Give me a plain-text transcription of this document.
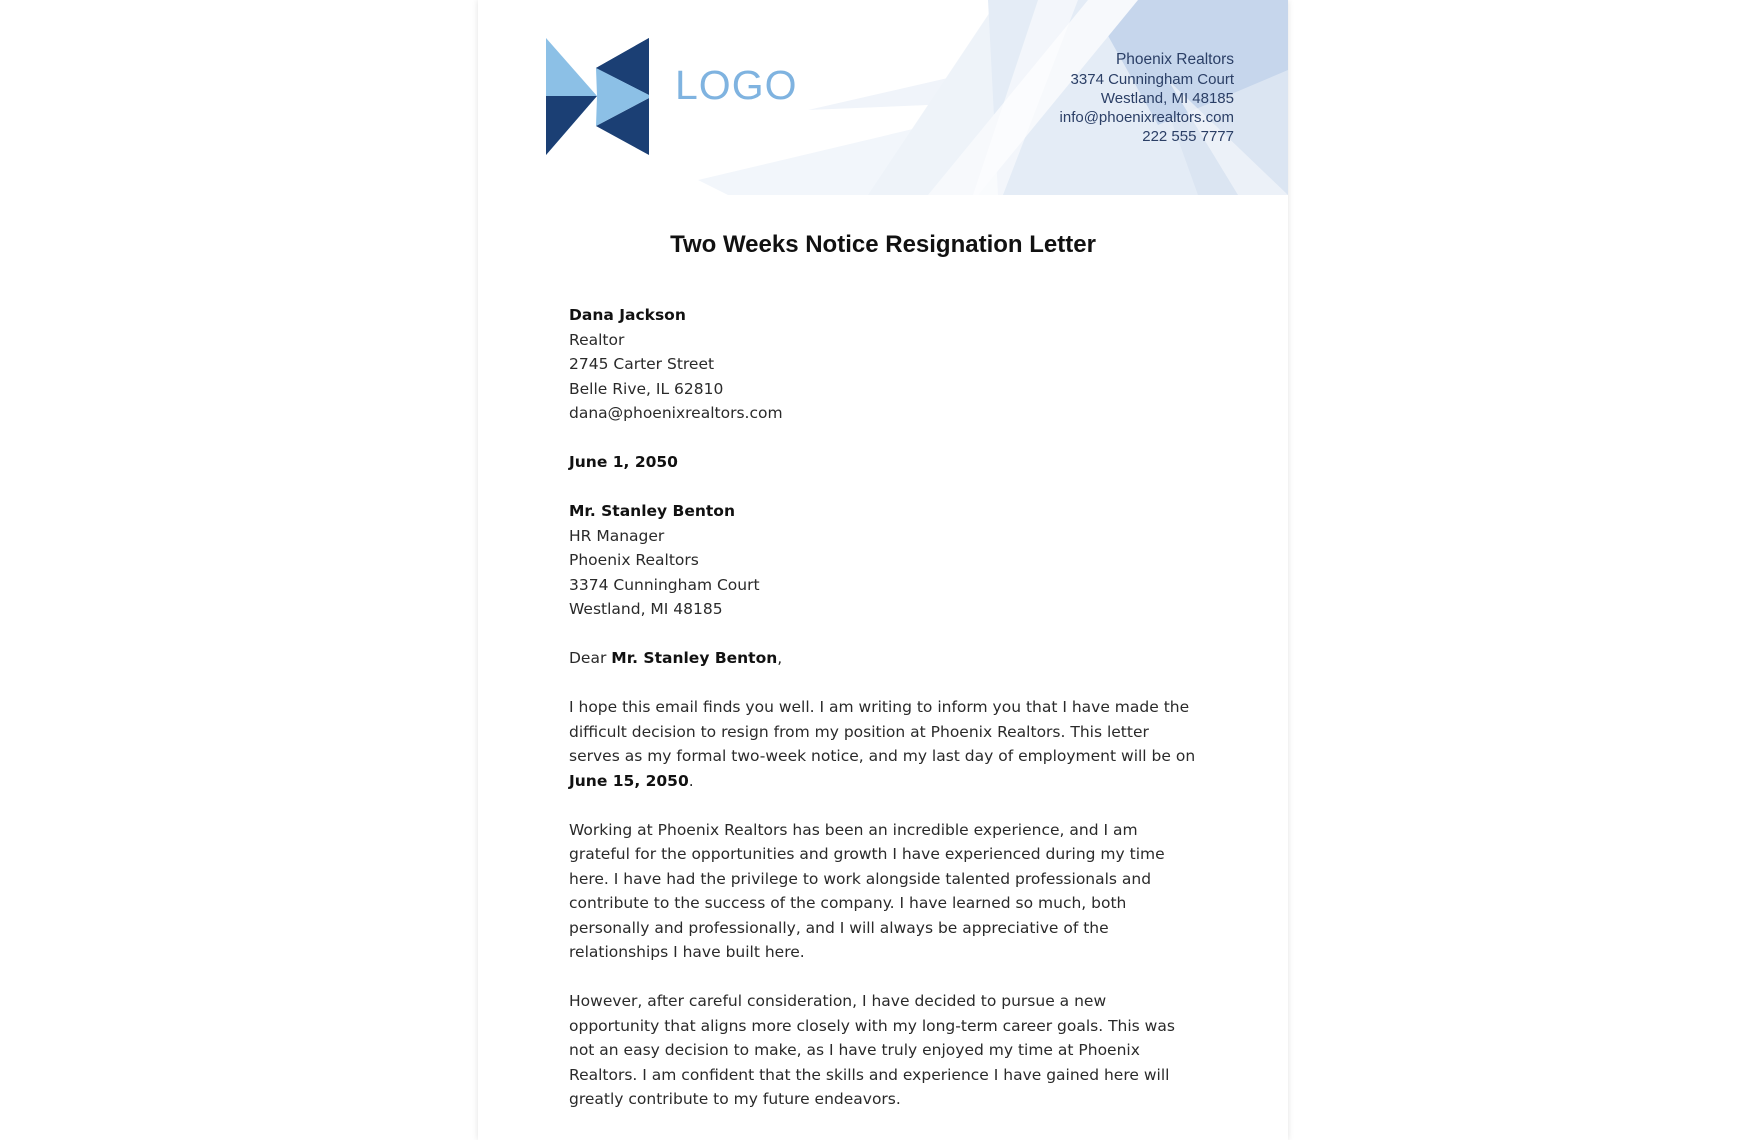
LOGO
Phoenix Realtors
3374 Cunningham Court
Westland, MI 48185
info@phoenixrealtors.com
222 555 7777
Two Weeks Notice Resignation Letter
Dana Jackson
Realtor
2745 Carter Street
Belle Rive, IL 62810
dana@phoenixrealtors.com
June 1, 2050
Mr. Stanley Benton
HR Manager
Phoenix Realtors
3374 Cunningham Court
Westland, MI 48185
Dear Mr. Stanley Benton,
I hope this email finds you well. I am writing to inform you that I have made the
difficult decision to resign from my position at Phoenix Realtors. This letter
serves as my formal two-week notice, and my last day of employment will be on
June 15, 2050.
Working at Phoenix Realtors has been an incredible experience, and I am
grateful for the opportunities and growth I have experienced during my time
here. I have had the privilege to work alongside talented professionals and
contribute to the success of the company. I have learned so much, both
personally and professionally, and I will always be appreciative of the
relationships I have built here.
However, after careful consideration, I have decided to pursue a new
opportunity that aligns more closely with my long-term career goals. This was
not an easy decision to make, as I have truly enjoyed my time at Phoenix
Realtors. I am confident that the skills and experience I have gained here will
greatly contribute to my future endeavors.
